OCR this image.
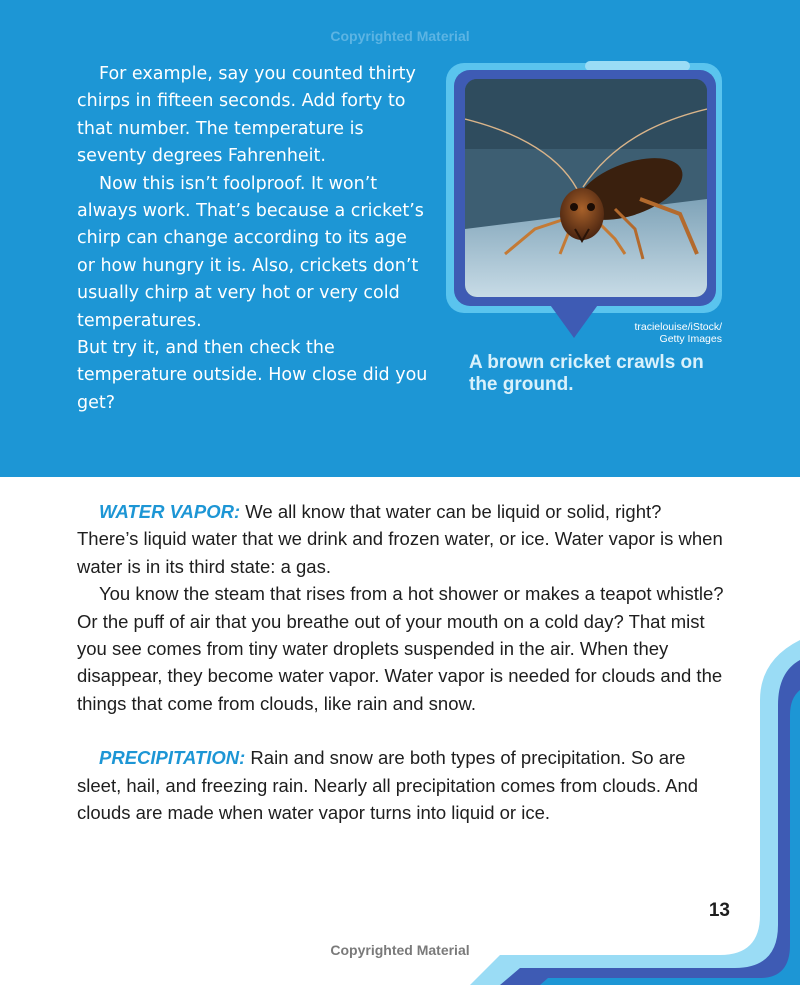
Copyrighted Material

For example, say you counted thirty chirps in fifteen seconds. Add forty to that number. The temperature is seventy degrees Fahrenheit.

Now this isn’t foolproof. It won’t always work. That’s because a cricket’s chirp can change according to its age or how hungry it is. Also, crickets don’t usually chirp at very hot or very cold temperatures.

But try it, and then check the temperature outside. How close did you get?

tracielouise/iStock/
Getty Images
A brown cricket crawls on the ground.

WATER VAPOR: We all know that water can be liquid or solid, right? There’s liquid water that we drink and frozen water, or ice. Water vapor is when water is in its third state: a gas.

You know the steam that rises from a hot shower or makes a teapot whistle? Or the puff of air that you breathe out of your mouth on a cold day? That mist you see comes from tiny water droplets suspended in the air. When they disappear, they become water vapor. Water vapor is needed for clouds and the things that come from clouds, like rain and snow.

PRECIPITATION: Rain and snow are both types of precipitation. So are sleet, hail, and freezing rain. Nearly all precipitation comes from clouds. And clouds are made when water vapor turns into liquid or ice.

13
Copyrighted Material
